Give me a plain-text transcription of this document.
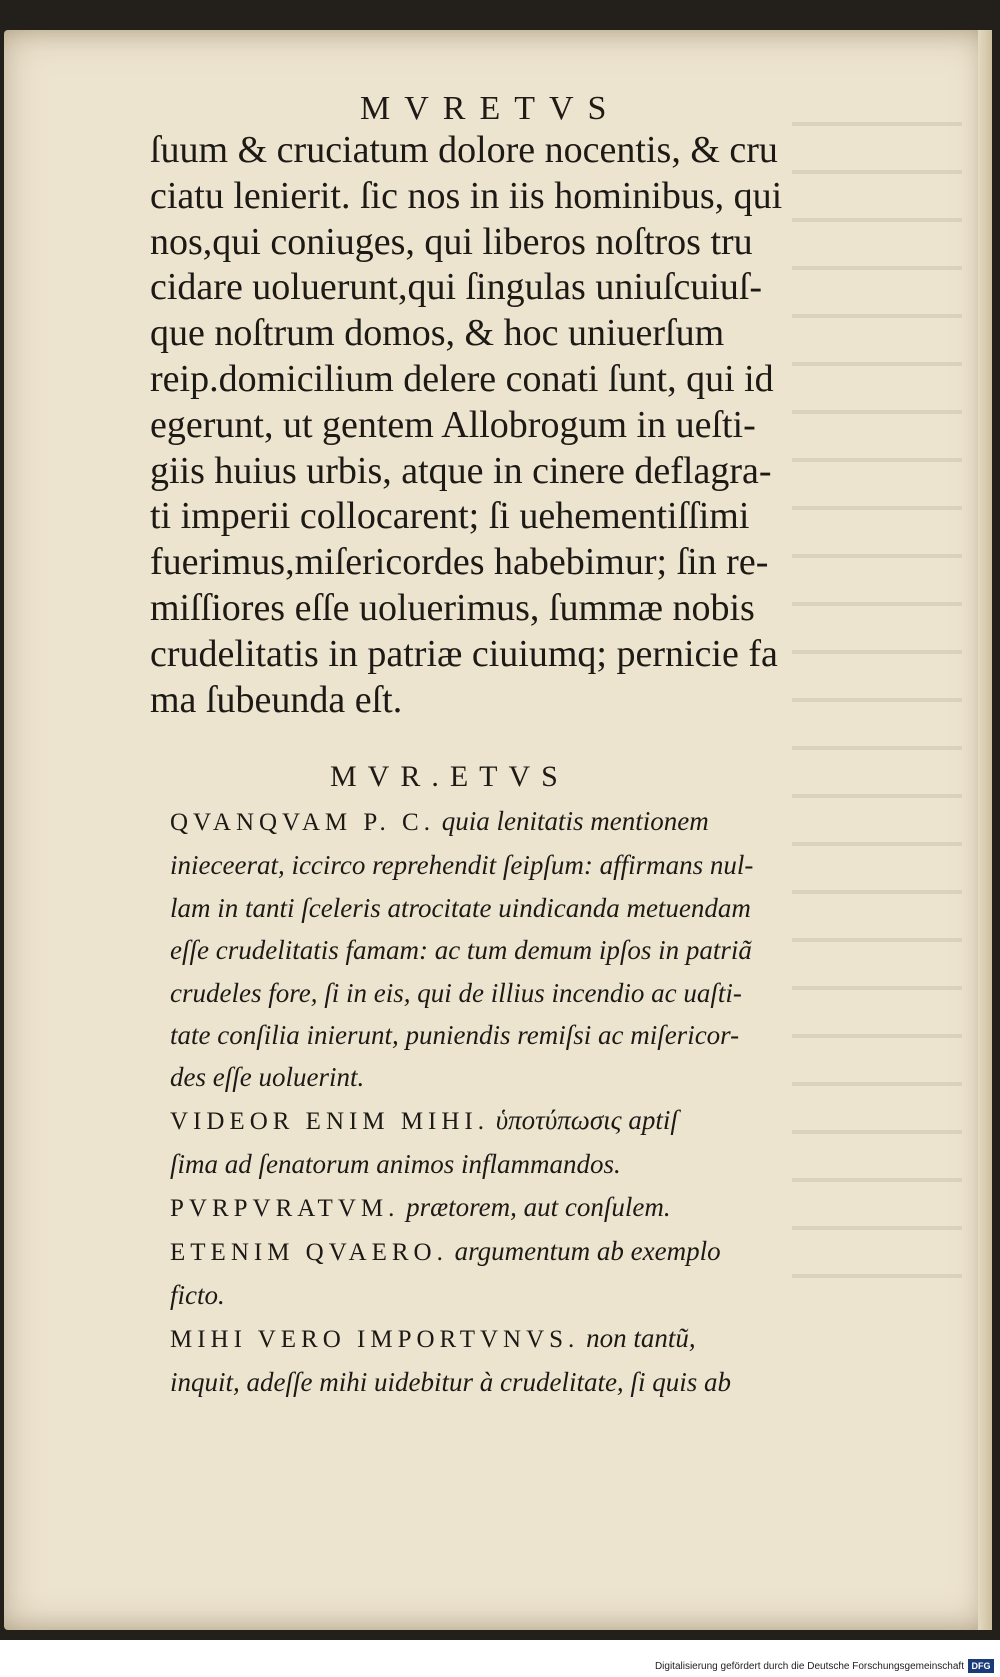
MVRETVS

ſuum & cruciatum dolore nocentis, & cru
ciatu lenierit. ſic nos in iis hominibus, qui
nos,qui coniuges, qui liberos noſtros tru
cidare uoluerunt,qui ſingulas uniuſcuiuſ-
que noſtrum domos, & hoc uniuerſum
reip.domicilium delere conati ſunt, qui id
egerunt, ut gentem Allobrogum in ueſti-
giis huius urbis, atque in cinere deflagra-
ti imperii collocarent; ſi uehementiſſimi
fuerimus,miſericordes habebimur; ſin re-
miſſiores eſſe uoluerimus, ſummæ nobis
crudelitatis in patriæ ciuiumq; pernicie fa
ma ſubeunda eſt.

MVR.ETVS
QVANQVAM P. C. quia lenitatis mentionem
inieceerat, iccirco reprehendit ſeipſum: affirmans nul-
lam in tanti ſceleris atrocitate uindicanda metuendam
eſſe crudelitatis famam: ac tum demum ipſos in patriã
crudeles fore, ſi in eis, qui de illius incendio ac uaſti-
tate conſilia inierunt, puniendis remiſsi ac miſericor-
des eſſe uoluerint.
VIDEOR ENIM MIHI. ὑποτύπωσις aptiſ
ſima ad ſenatorum animos inflammandos.
PVRPVRATVM. prætorem, aut conſulem.
ETENIM QVAERO. argumentum ab exemplo
ficto.
MIHI VERO IMPORTVNVS. non tantũ,
inquit, adeſſe mihi uidebitur à crudelitate, ſi quis ab
Digitalisierung gefördert durch die Deutsche Forschungsgemeinschaft DFG
